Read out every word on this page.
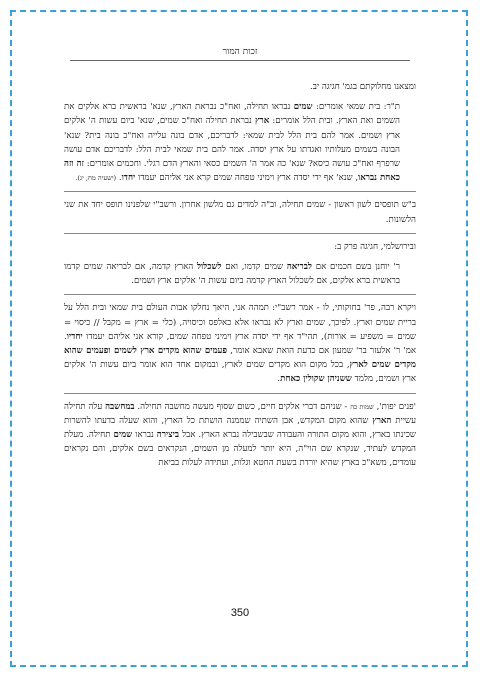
זכות המור

ומצאנו מחלוקתם בגמ' חגיגה יב.

ת"ר: בית שמאי אומרים: שמים נבראו תחילה, ואח"כ נבראת הארץ, שנא' בראשית ברא אלקים את השמים ואת הארץ. ובית הלל אומרים: ארץ נבראת תחילה ואח"כ שמים, שנא' ביום עשות ה' אלקים ארץ ושמים. אמר להם בית הלל לבית שמאי: לדבריכם, אדם בונה עלייה ואח"כ בונה בית? שנא' הבונה בשמים מעלותיו ואגדתו על ארץ יסדה. אמר להם בית שמאי לבית הלל: לדבריכם אדם עושה שרפרף ואח"כ עושה כיסא? שנא' כה אמר ה' השמים כסאי והארץ הדם רגלי. וחכמים אומרים: זה וזה כאחת נבראו, שנא' אף ידי יסדה ארץ וימיני טפחה שמים קרא אני אליהם יעמדו יחדו. (ישעיה מח, יג).

ב"ש תופסים לשון ראשון - שמים תחילה, וב"ה למדים גם מלשון אחרון. ורשב"י שלפנינו תופס יחד את שני הלשונות.

ובירושלמי, חגיגה פרק ב:

ר' יוחנן בשם חכמים אם לבריאה שמים קדמו, ואם לשכלול הארץ קדמה, אם לבריאה שמים קדמו בראשית ברא אלקים, אם לשכלול הארץ קדמה ביום עשות ה' אלקים ארץ ושמים.

ויקרא רבה, פר' בחוקותי, לו - אמר רשב"י: תמהה אני, היאך נחלקו אבות העולם בית שמאי ובית הלל על בריית שמים וארץ. לפיכך, שמים וארץ לא נבראו אלא כאלפס וכיסויה, (כלי = ארץ = מקבל // כיסוי = שמים = משפיע = אורות), תהי"ד אף ידי יסדה ארץ וימיני טפחה שמים, קורא אני אליהם יעמדו יחדיו. אמ' ר' אלעזר בר' שמעון אם כדעת הואת שאבא אומר, פעמים שהוא מקדים ארץ לשמים ופעמים שהוא מקדים שמים לארץ, בכל מקום הוא מקדים שמים לארץ, ובמקום אחד הוא אומר ביום עשות ה' אלקים ארץ ושמים, מלמד ששניהן שקולין כאחת.

'פנים יפות', שמות כה - שניהם דברי אלקים חיים, כשום שסוף מעשה מחשבה תחילה. במחשבה עלה תחילה עשיית הארץ שהוא מקום המקדש, אבן השתיה שממנה הושתת כל הארץ, והוא שעלה בדעתו להשרות שכינתו בארץ, והוא מקום התורה והעבודה שבשבילה נברא הארץ. אבל ביצירה נבראו שמים תחילה. מעלת המקדש לעתיד, שנקרא שם הוי"ה, היא יותר למעלה מן השמים, הנקראים בשם אלקים, והם נקראים עומדים, משא"כ בארץ שהיא יורדת בשעת החטא וגלות, ועתידה לעלות בביאת

350
